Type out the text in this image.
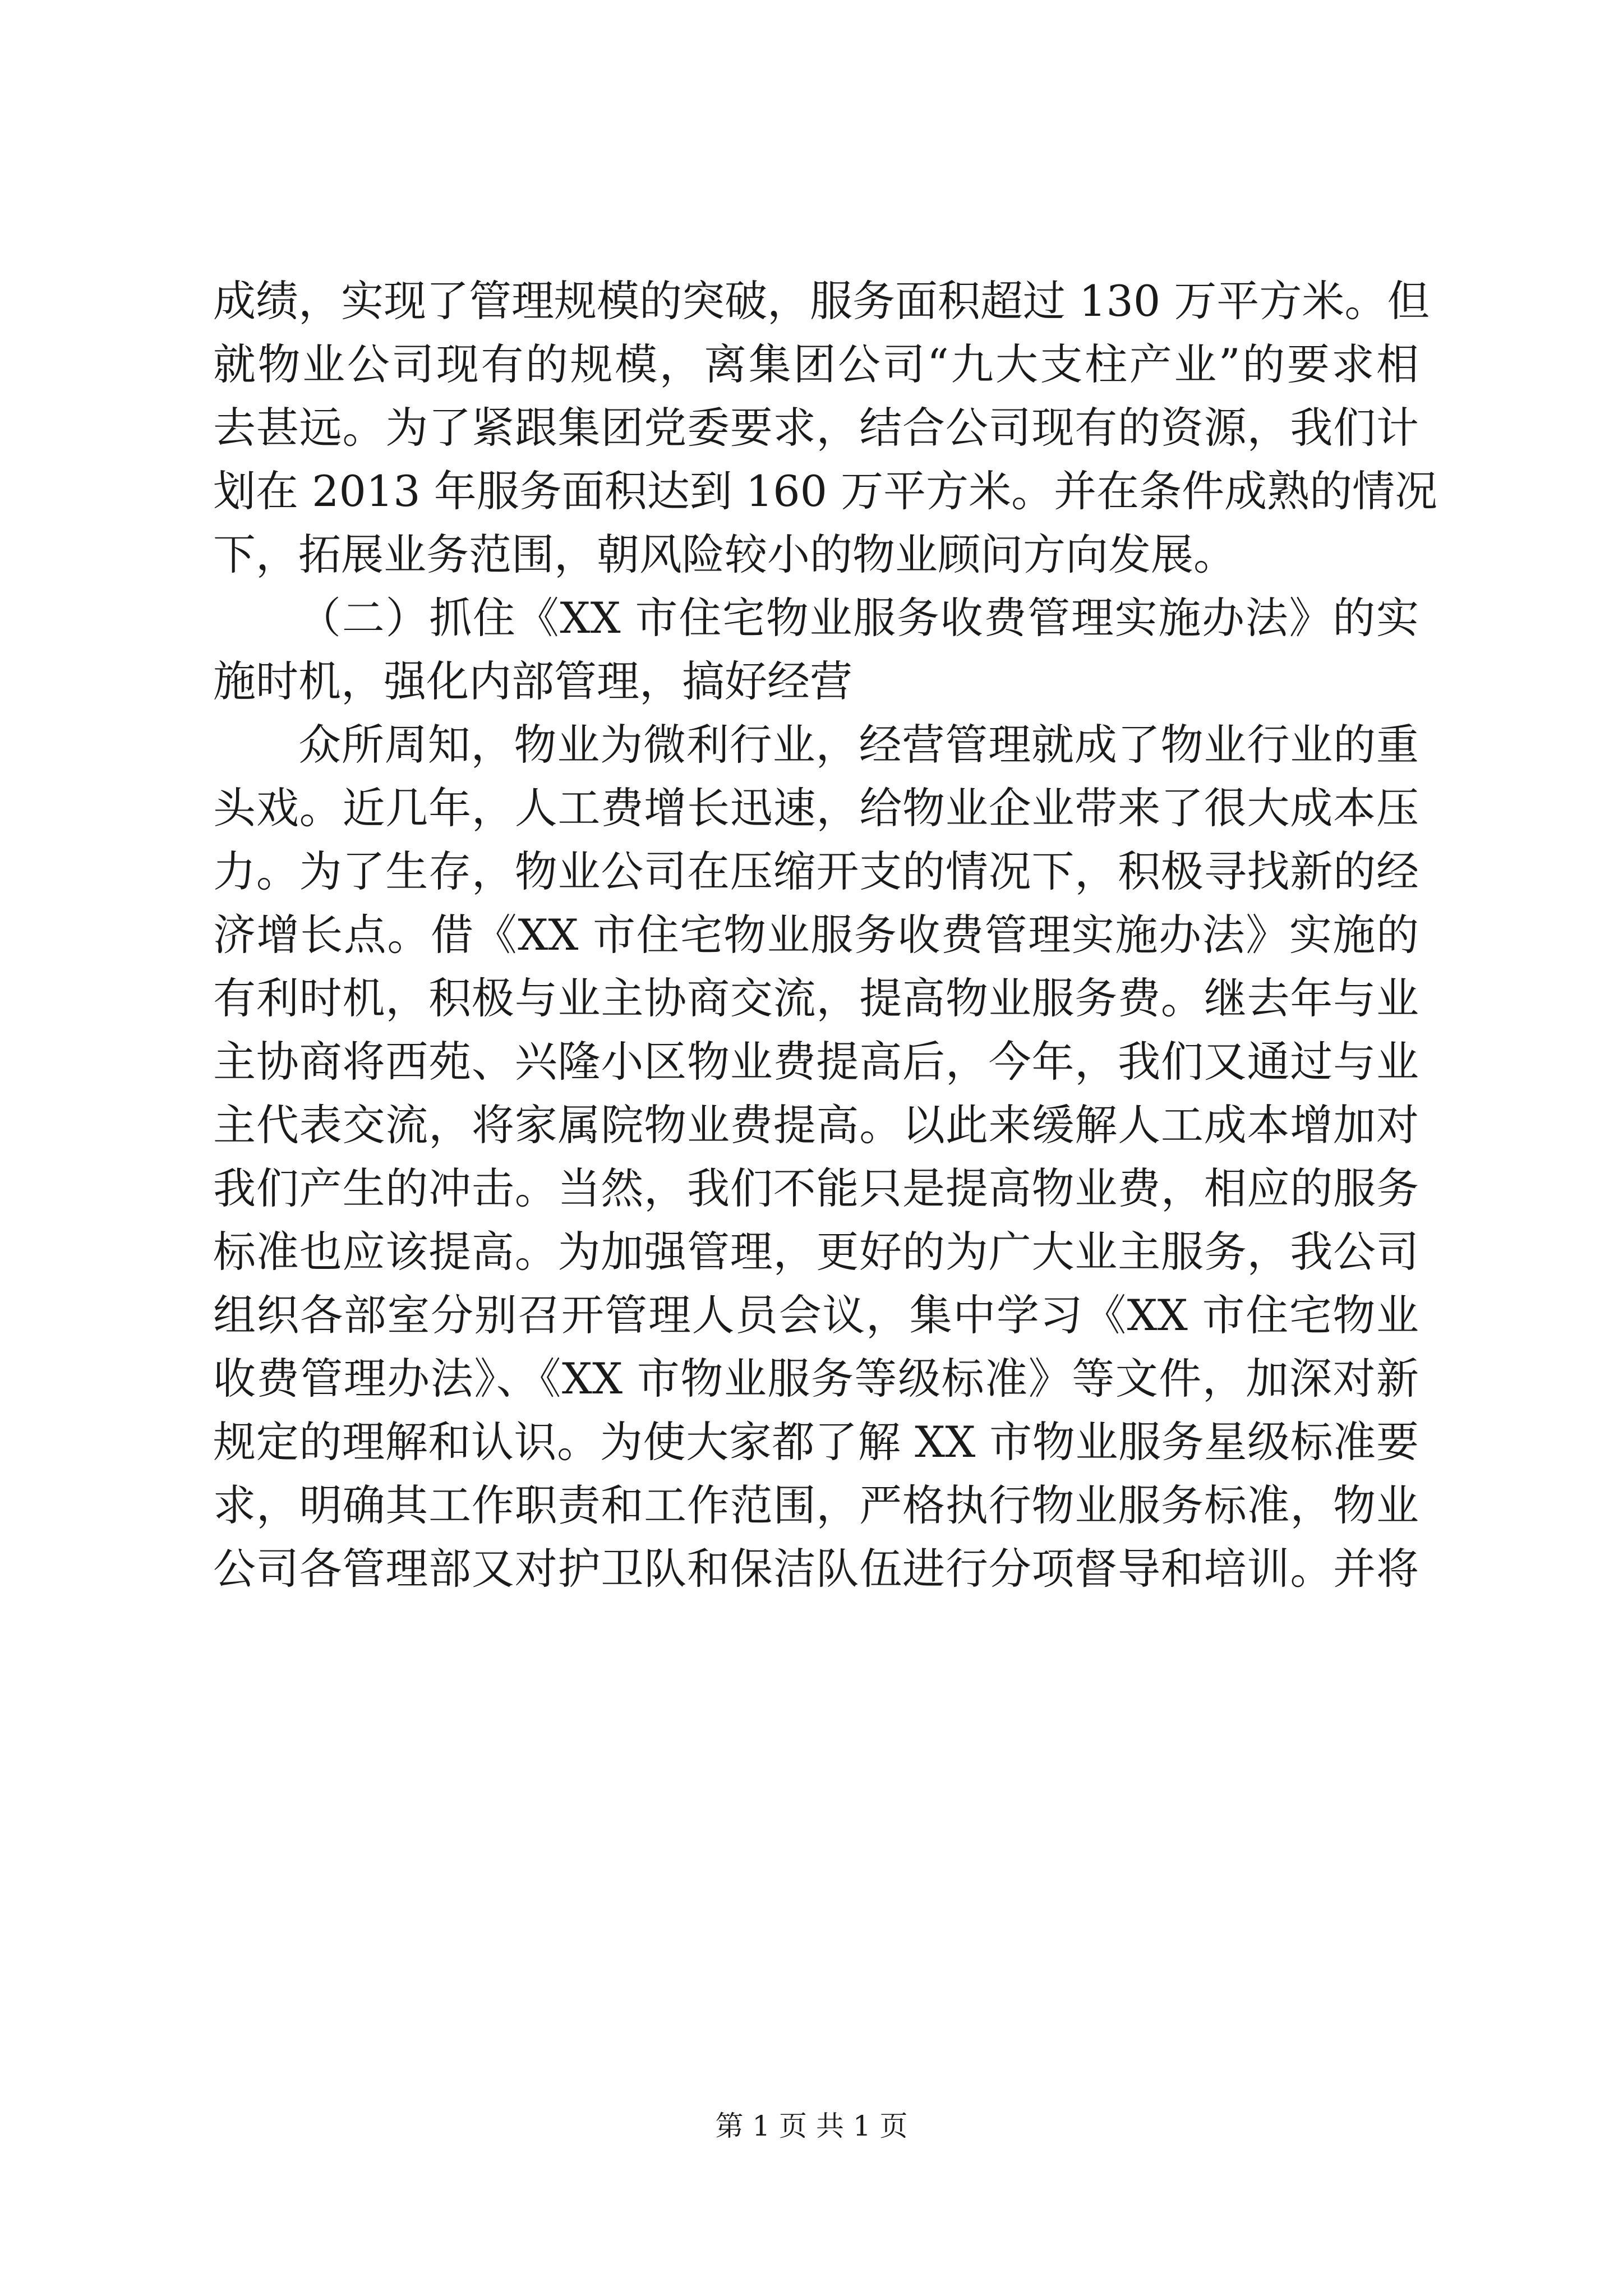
成绩，实现了管理规模的突破，服务面积超过 130 万平方米。但
就物业公司现有的规模，离集团公司“九大支柱产业”的要求相
去甚远。为了紧跟集团党委要求，结合公司现有的资源，我们计
划在 2013 年服务面积达到 160 万平方米。并在条件成熟的情况
下，拓展业务范围，朝风险较小的物业顾问方向发展。
（二）抓住《XX 市住宅物业服务收费管理实施办法》的实
施时机，强化内部管理，搞好经营
众所周知，物业为微利行业，经营管理就成了物业行业的重
头戏。近几年，人工费增长迅速，给物业企业带来了很大成本压
力。为了生存，物业公司在压缩开支的情况下，积极寻找新的经
济增长点。借《XX 市住宅物业服务收费管理实施办法》实施的
有利时机，积极与业主协商交流，提高物业服务费。继去年与业
主协商将西苑、兴隆小区物业费提高后，今年，我们又通过与业
主代表交流，将家属院物业费提高。以此来缓解人工成本增加对
我们产生的冲击。当然，我们不能只是提高物业费，相应的服务
标准也应该提高。为加强管理，更好的为广大业主服务，我公司
组织各部室分别召开管理人员会议，集中学习《XX 市住宅物业
收费管理办法》、《XX 市物业服务等级标准》等文件，加深对新
规定的理解和认识。为使大家都了解 XX 市物业服务星级标准要
求，明确其工作职责和工作范围，严格执行物业服务标准，物业
公司各管理部又对护卫队和保洁队伍进行分项督导和培训。并将
第 1 页 共 1 页
